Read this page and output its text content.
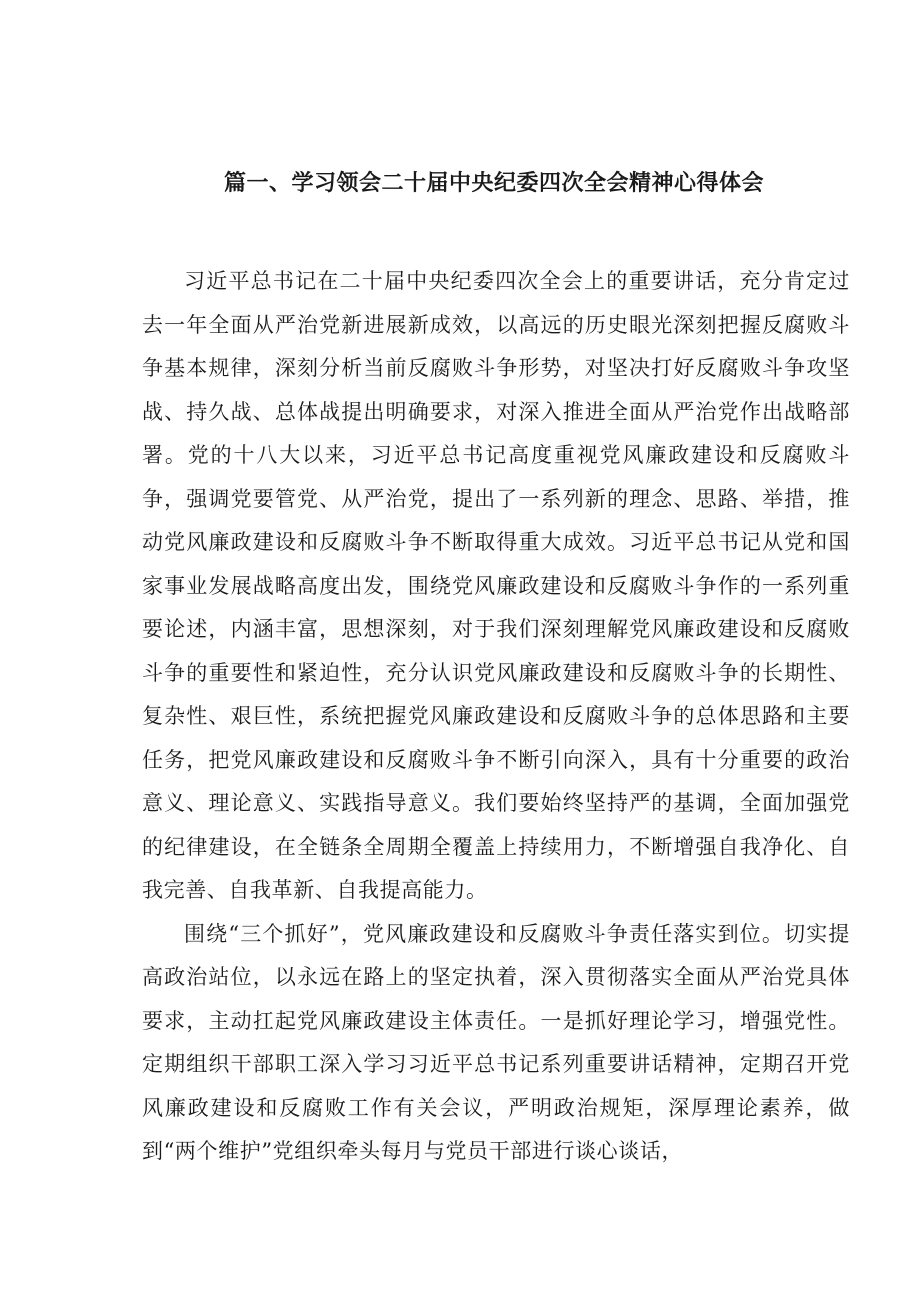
篇一、学习领会二十届中央纪委四次全会精神心得体会

习近平总书记在二十届中央纪委四次全会上的重要讲话，充分肯定过去一年全面从严治党新进展新成效，以高远的历史眼光深刻把握反腐败斗争基本规律，深刻分析当前反腐败斗争形势，对坚决打好反腐败斗争攻坚战、持久战、总体战提出明确要求，对深入推进全面从严治党作出战略部署。党的十八大以来，习近平总书记高度重视党风廉政建设和反腐败斗争，强调党要管党、从严治党，提出了一系列新的理念、思路、举措，推动党风廉政建设和反腐败斗争不断取得重大成效。习近平总书记从党和国家事业发展战略高度出发，围绕党风廉政建设和反腐败斗争作的一系列重要论述，内涵丰富，思想深刻，对于我们深刻理解党风廉政建设和反腐败斗争的重要性和紧迫性，充分认识党风廉政建设和反腐败斗争的长期性、复杂性、艰巨性，系统把握党风廉政建设和反腐败斗争的总体思路和主要任务，把党风廉政建设和反腐败斗争不断引向深入，具有十分重要的政治意义、理论意义、实践指导意义。我们要始终坚持严的基调，全面加强党的纪律建设，在全链条全周期全覆盖上持续用力，不断增强自我净化、自我完善、自我革新、自我提高能力。

围绕“三个抓好”，党风廉政建设和反腐败斗争责任落实到位。切实提高政治站位，以永远在路上的坚定执着，深入贯彻落实全面从严治党具体要求，主动扛起党风廉政建设主体责任。一是抓好理论学习，增强党性。定期组织干部职工深入学习习近平总书记系列重要讲话精神，定期召开党风廉政建设和反腐败工作有关会议，严明政治规矩，深厚理论素养，做到“两个维护”党组织牵头每月与党员干部进行谈心谈话，
